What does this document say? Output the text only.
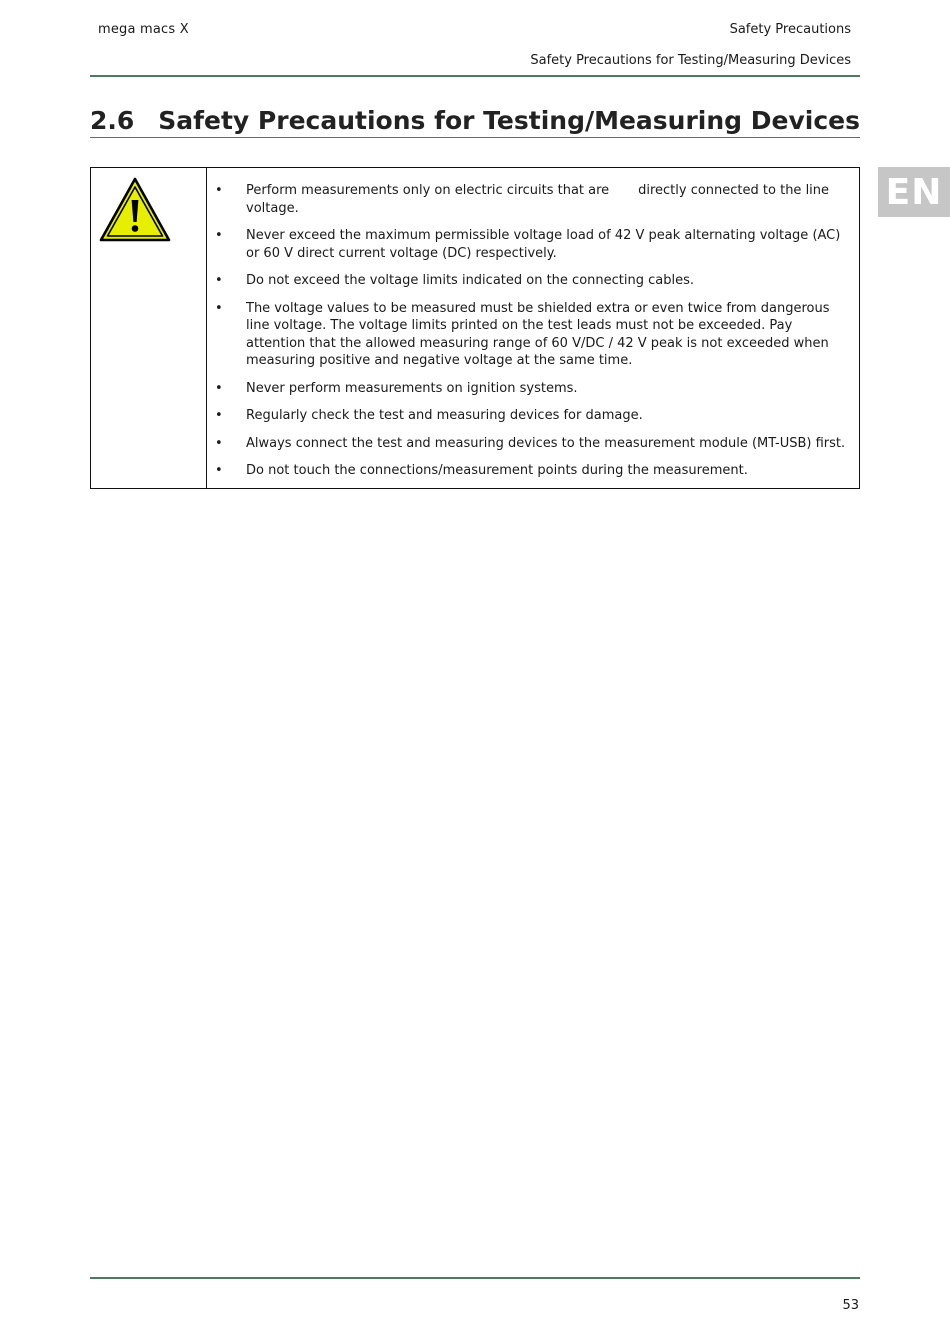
mega macs X	Safety Precautions
Safety Precautions for Testing/Measuring Devices
2.6 Safety Precautions for Testing/Measuring Devices
EN

• Perform measurements only on electric circuits that are       directly connected to the line voltage.
• Never exceed the maximum permissible voltage load of 42 V peak alternating voltage (AC) or 60 V direct current voltage (DC) respectively.
• Do not exceed the voltage limits indicated on the connecting cables.
• The voltage values to be measured must be shielded extra or even twice from dangerous line voltage. The voltage limits printed on the test leads must not be exceeded. Pay attention that the allowed measuring range of 60 V/DC / 42 V peak is not exceeded when measuring positive and negative voltage at the same time.
• Never perform measurements on ignition systems.
• Regularly check the test and measuring devices for damage.
• Always connect the test and measuring devices to the measurement module (MT-USB) first.
• Do not touch the connections/measurement points during the measurement.
53
